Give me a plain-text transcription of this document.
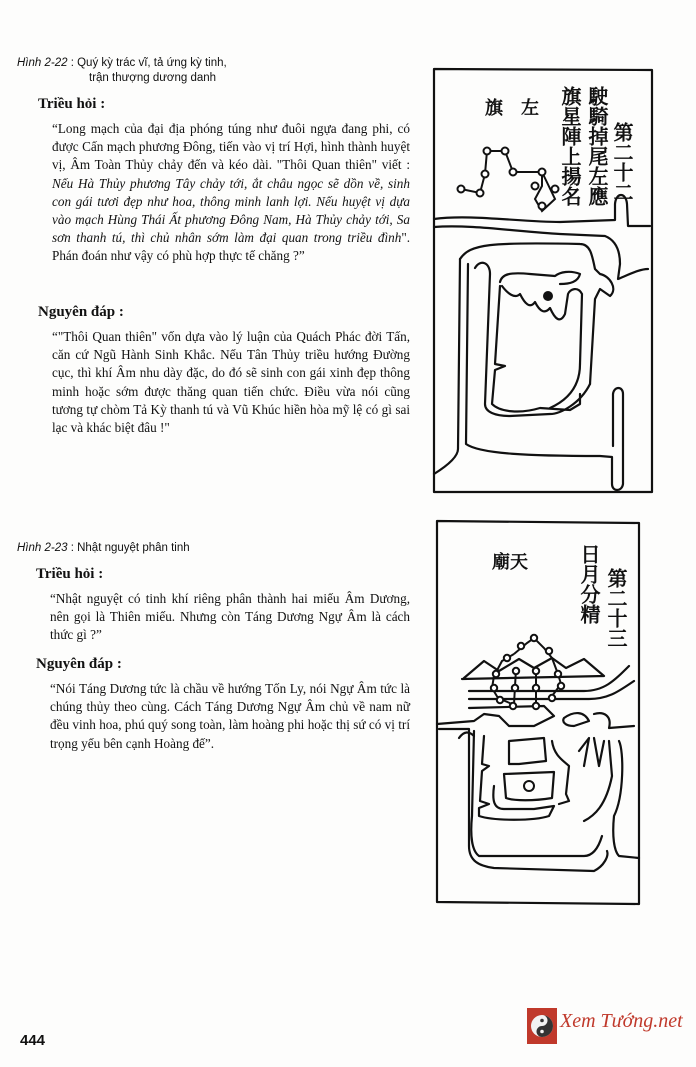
Hình 2-22 : Quý kỳ trác vĩ, tả ứng kỳ tinh,
trận thượng dương danh
Triều hỏi :
“Long mạch của đại địa phóng túng như đuôi ngựa đang phi, có được Cấn mạch phương Đông, tiến vào vị trí Hợi, hình thành huyệt vị, Âm Toàn Thủy chảy đến và kéo dài. "Thôi Quan thiên" viết : Nếu Hà Thủy phương Tây chảy tới, ắt châu ngọc sẽ dồn về, sinh con gái tươi đẹp như hoa, thông minh lanh lợi. Nếu huyệt vị dựa vào mạch Hùng Thái Ất phương Đông Nam, Hà Thủy chảy tới, Sa sơn thanh tú, thì chủ nhân sớm làm đại quan trong triều đình". Phán đoán như vậy có phù hợp thực tế chăng ?”
Nguyên đáp :
“"Thôi Quan thiên" vốn dựa vào lý luận của Quách Phác đời Tấn, căn cứ Ngũ Hành Sinh Khắc. Nếu Tân Thủy triều hướng Đường cục, thì khí Âm nhu dày đặc, do đó sẽ sinh con gái xinh đẹp thông minh hoặc sớm được thăng quan tiến chức. Điều vừa nói cũng tương tự chòm Tả Kỳ thanh tú và Vũ Khúc hiền hòa mỹ lệ có gì sai lạc và khác biệt đâu !"
第二十二
駛騎掉尾左應
旗星陣上揚名
旗　左
Hình 2-23 : Nhật nguyệt phân tinh
Triều hỏi :
“Nhật nguyệt có tinh khí riêng phân thành hai miếu Âm Dương, nên gọi là Thiên miếu. Nhưng còn Táng Dương Ngự Âm là cách thức gì ?”
Nguyên đáp :
“Nói Táng Dương tức là chầu về hướng Tốn Ly, nói Ngự Âm tức là chúng thủy theo cùng. Cách Táng Dương Ngự Âm chủ về nam nữ đều vinh hoa, phú quý song toàn, làm hoàng phi hoặc thị sứ có vị trí trọng yếu bên cạnh Hoàng đế”.
第二十三
日月分精
廟天
444
Xem Tướng.net
